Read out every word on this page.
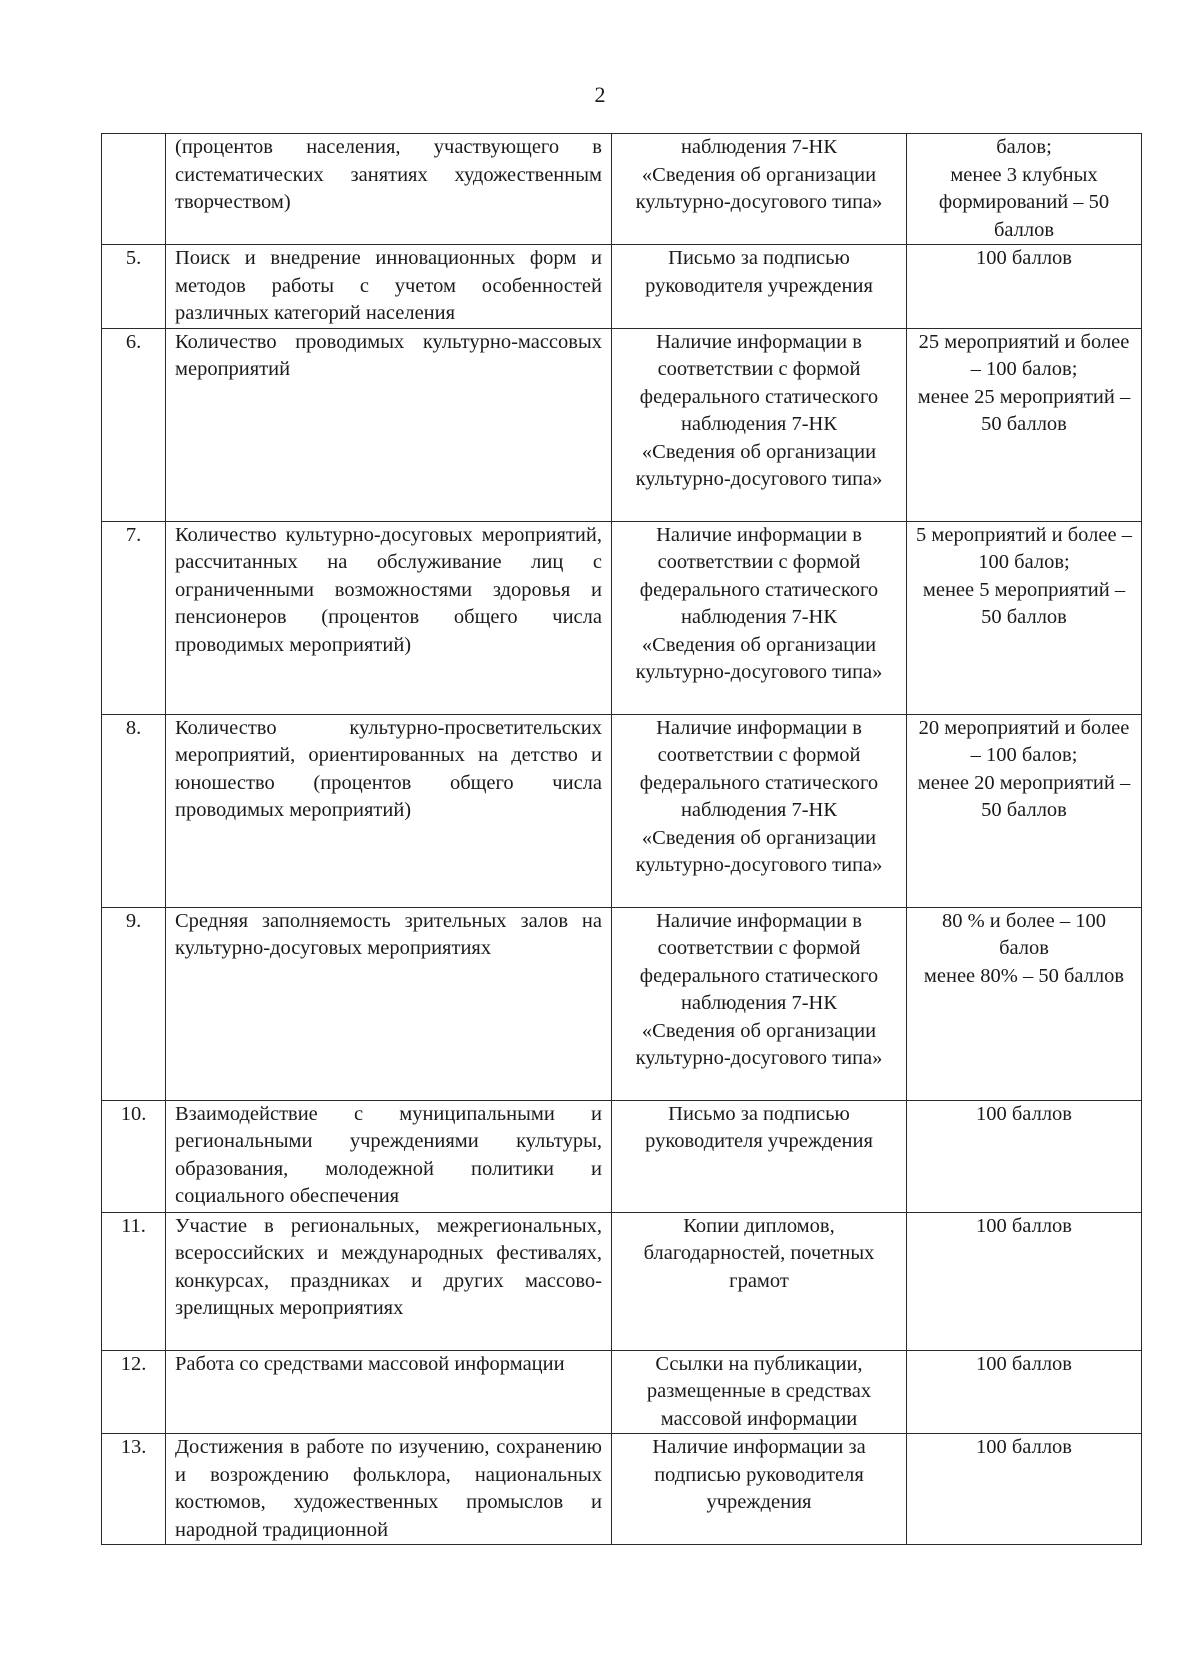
2

	(процентов населения, участвующего в систематических занятиях художественным творчеством)	наблюдения 7-НК
«Сведения об организации культурно-досугового типа»	балов;
менее 3 клубных формирований – 50 баллов

5.	Поиск и внедрение инновационных форм и методов работы с учетом особенностей различных категорий населения	Письмо за подписью руководителя учреждения	100 баллов

6.	Количество проводимых культурно-массовых мероприятий	Наличие информации в соответствии с формой федерального статического наблюдения 7-НК
«Сведения об организации культурно-досугового типа»	25 мероприятий и более – 100 балов;
менее 25 мероприятий – 50 баллов

7.	Количество культурно-досуговых мероприятий, рассчитанных на обслуживание лиц с ограниченными возможностями здоровья и пенсионеров (процентов общего числа проводимых мероприятий)	Наличие информации в соответствии с формой федерального статического наблюдения 7-НК
«Сведения об организации культурно-досугового типа»	5 мероприятий и более – 100 балов;
менее 5 мероприятий – 50 баллов

8.	Количество культурно-просветительских мероприятий, ориентированных на детство и юношество (процентов общего числа проводимых мероприятий)	Наличие информации в соответствии с формой федерального статического наблюдения 7-НК
«Сведения об организации культурно-досугового типа»	20 мероприятий и более – 100 балов;
менее 20 мероприятий – 50 баллов

9.	Средняя заполняемость зрительных залов на культурно-досуговых мероприятиях	Наличие информации в соответствии с формой федерального статического наблюдения 7-НК
«Сведения об организации культурно-досугового типа»	80 % и более – 100 балов
менее 80% – 50 баллов

10.	Взаимодействие с муниципальными и региональными учреждениями культуры, образования, молодежной политики и социального обеспечения	Письмо за подписью руководителя учреждения	100 баллов

11.	Участие в региональных, межрегиональных, всероссийских и международных фестивалях, конкурсах, праздниках и других массово-зрелищных мероприятиях	Копии дипломов, благодарностей, почетных грамот	100 баллов

12.	Работа со средствами массовой информации	Ссылки на публикации, размещенные в средствах массовой информации	100 баллов

13.	Достижения в работе по изучению, сохранению и возрождению фольклора, национальных костюмов, художественных промыслов и народной традиционной	Наличие информации за подписью руководителя учреждения	100 баллов
